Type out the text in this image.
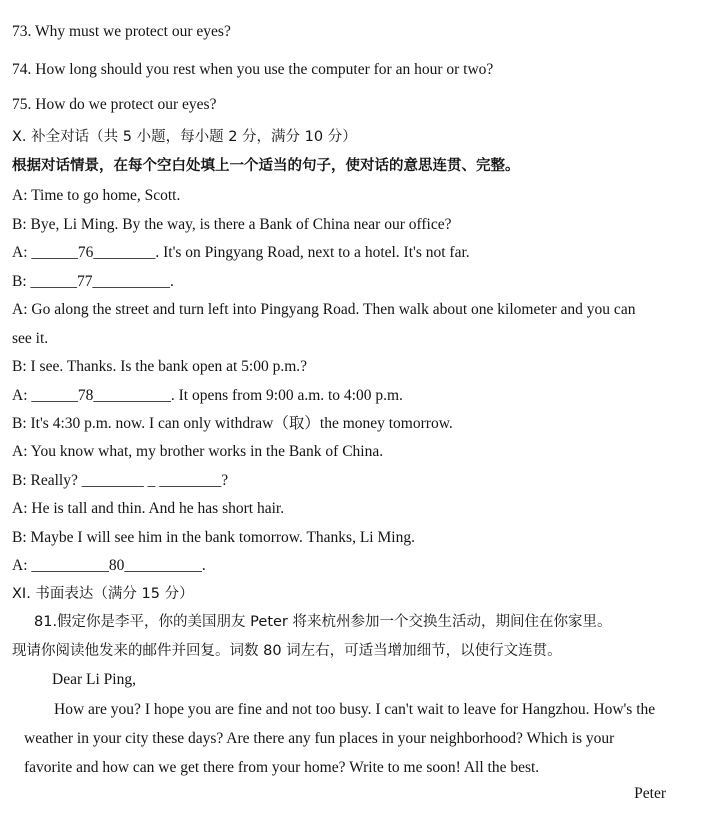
73. Why must we protect our eyes?
74. How long should you rest when you use the computer for an hour or two?
75. How do we protect our eyes?
X. 补全对话（共 5 小题，每小题 2 分，满分 10 分）
根据对话情景，在每个空白处填上一个适当的句子，使对话的意思连贯、完整。
A: Time to go home, Scott.
B: Bye, Li Ming. By the way, is there a Bank of China near our office?
A: ______76________. It's on Pingyang Road, next to a hotel. It's not far.
B: ______77__________.
A: Go along the street and turn left into Pingyang Road. Then walk about one kilometer and you can
see it.
B: I see. Thanks. Is the bank open at 5:00 p.m.?
A: ______78__________. It opens from 9:00 a.m. to 4:00 p.m.
B: It's 4:30 p.m. now. I can only withdraw（取）the money tomorrow.
A: You know what, my brother works in the Bank of China.
B: Really? ________ _ ________?
A: He is tall and thin. And he has short hair.
B: Maybe I will see him in the bank tomorrow. Thanks, Li Ming.
A: __________80__________.
XI. 书面表达（满分 15 分）
81.假定你是李平，你的美国朋友 Peter 将来杭州参加一个交换生活动，期间住在你家里。
现请你阅读他发来的邮件并回复。词数 80 词左右，可适当增加细节，以使行文连贯。
Dear Li Ping,
How are you? I hope you are fine and not too busy. I can't wait to leave for Hangzhou. How's the
weather in your city these days? Are there any fun places in your neighborhood? Which is your
favorite and how can we get there from your home? Write to me soon! All the best.
Peter
